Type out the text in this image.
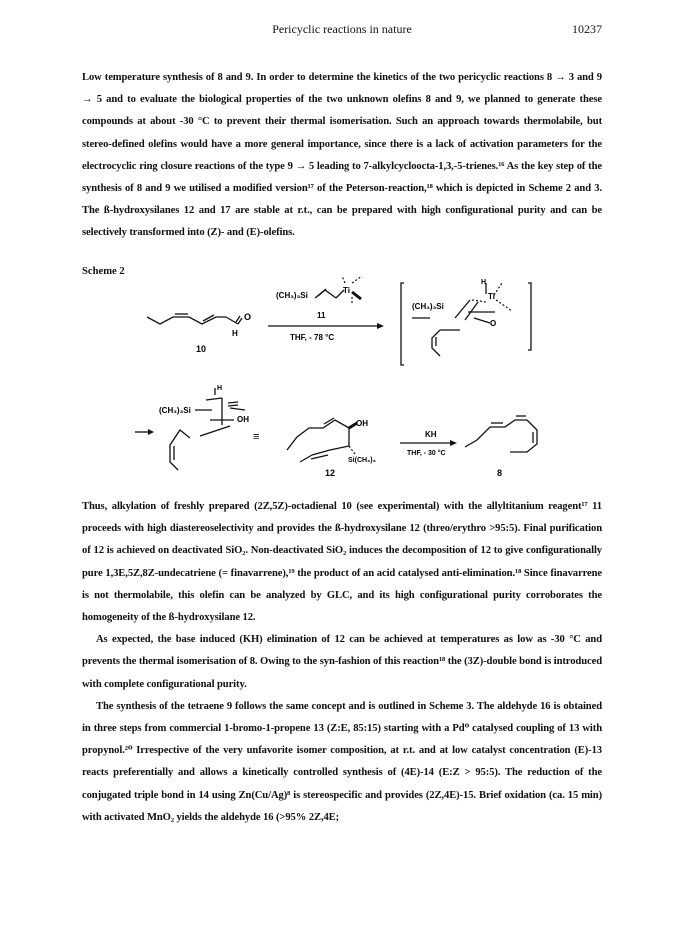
Pericyclic reactions in nature	10237

Low temperature synthesis of 8 and 9. In order to determine the kinetics of the two pericyclic reactions 8 → 3 and 9 → 5 and to evaluate the biological properties of the two unknown olefins 8 and 9, we planned to generate these compounds at about -30 °C to prevent their thermal isomerisation. Such an approach towards thermolabile, but stereo-defined olefins would have a more general importance, since there is a lack of activation parameters for the electrocyclic ring closure reactions of the type 9 → 5 leading to 7-alkylcycloocta-1,3,-5-trienes.¹⁶ As the key step of the synthesis of 8 and 9 we utilised a modified version¹⁷ of the Peterson-reaction,¹⁸ which is depicted in Scheme 2 and 3. The ß-hydroxysilanes 12 and 17 are stable at r.t., can be prepared with high configurational purity and can be selectively transformed into (Z)- and (E)-olefins.

Scheme 2
O
H
10
(CH₃)₃Si
Ti
11
THF, - 78 °C
(CH₃)₃Si
H
Ti
O
H
(CH₃)₃Si
OH
≡
OH
Si(CH₃)₃
12
KH
THF, - 30 °C
8

Thus, alkylation of freshly prepared (2Z,5Z)-octadienal 10 (see experimental) with the allyltitanium reagent¹⁷ 11 proceeds with high diastereoselectivity and provides the ß-hydroxysilane 12 (threo/erythro >95:5). Final purification of 12 is achieved on deactivated SiO₂. Non-deactivated SiO₂ induces the decomposition of 12 to give configurationally pure 1,3E,5Z,8Z-undecatriene (= finavarrene),¹⁹ the product of an acid catalysed anti-elimination.¹⁸ Since finavarrene is not thermolabile, this olefin can be analyzed by GLC, and its high configurational purity corroborates the homogeneity of the ß-hydroxysilane 12.

As expected, the base induced (KH) elimination of 12 can be achieved at temperatures as low as -30 °C and prevents the thermal isomerisation of 8. Owing to the syn-fashion of this reaction¹⁸ the (3Z)-double bond is introduced with complete configurational purity.

The synthesis of the tetraene 9 follows the same concept and is outlined in Scheme 3. The aldehyde 16 is obtained in three steps from commercial 1-bromo-1-propene 13 (Z:E, 85:15) starting with a Pd⁰ catalysed coupling of 13 with propynol.²⁰ Irrespective of the very unfavorite isomer composition, at r.t. and at low catalyst concentration (E)-13 reacts preferentially and allows a kinetically controlled synthesis of (4E)-14 (E:Z > 95:5). The reduction of the conjugated triple bond in 14 using Zn(Cu/Ag)⁸ is stereospecific and provides (2Z,4E)-15. Brief oxidation (ca. 15 min) with activated MnO₂ yields the aldehyde 16 (>95% 2Z,4E;
